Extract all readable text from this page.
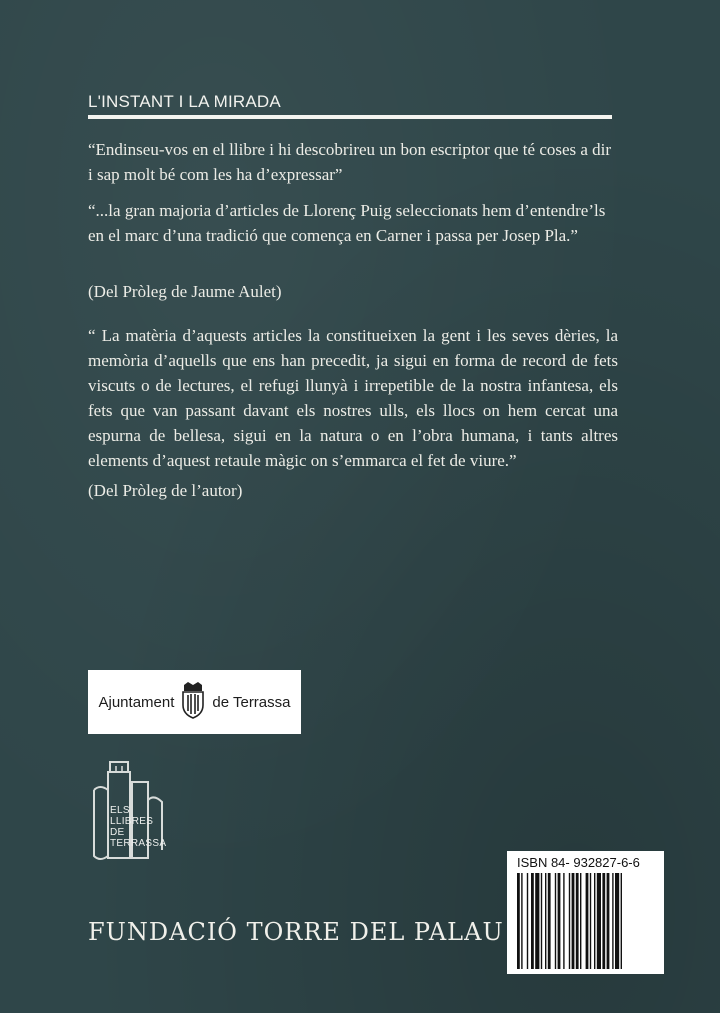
L'INSTANT I LA MIRADA

“Endinseu-vos en el llibre i hi descobrireu un bon escriptor que té coses a dir i sap molt bé com les ha d’expressar”

“...la gran majoria d’articles de Llorenç Puig seleccionats hem d’entendre’ls en el marc d’una tradició que comença en Carner i passa per Josep Pla.”

(Del Pròleg de Jaume Aulet)

“ La matèria d’aquests articles la constitueixen la gent i les seves dèries, la memòria d’aquells que ens han precedit, ja sigui en forma de record de fets viscuts o de lectures, el refugi llunyà i irrepetible de la nostra infantesa, els fets que van passant davant els nostres ulls, els llocs on hem cercat una espurna de bellesa, sigui en la natura o en l’obra humana, i tants altres elements d’aquest retaule màgic on s’emmarca el fet de viure.”

(Del Pròleg de l’autor)

Ajuntament	de Terrassa
ELS
LLIBRES
DE
TERRASSA
ISBN 84- 932827-6-6
FUNDACIÓ TORRE DEL PALAU
